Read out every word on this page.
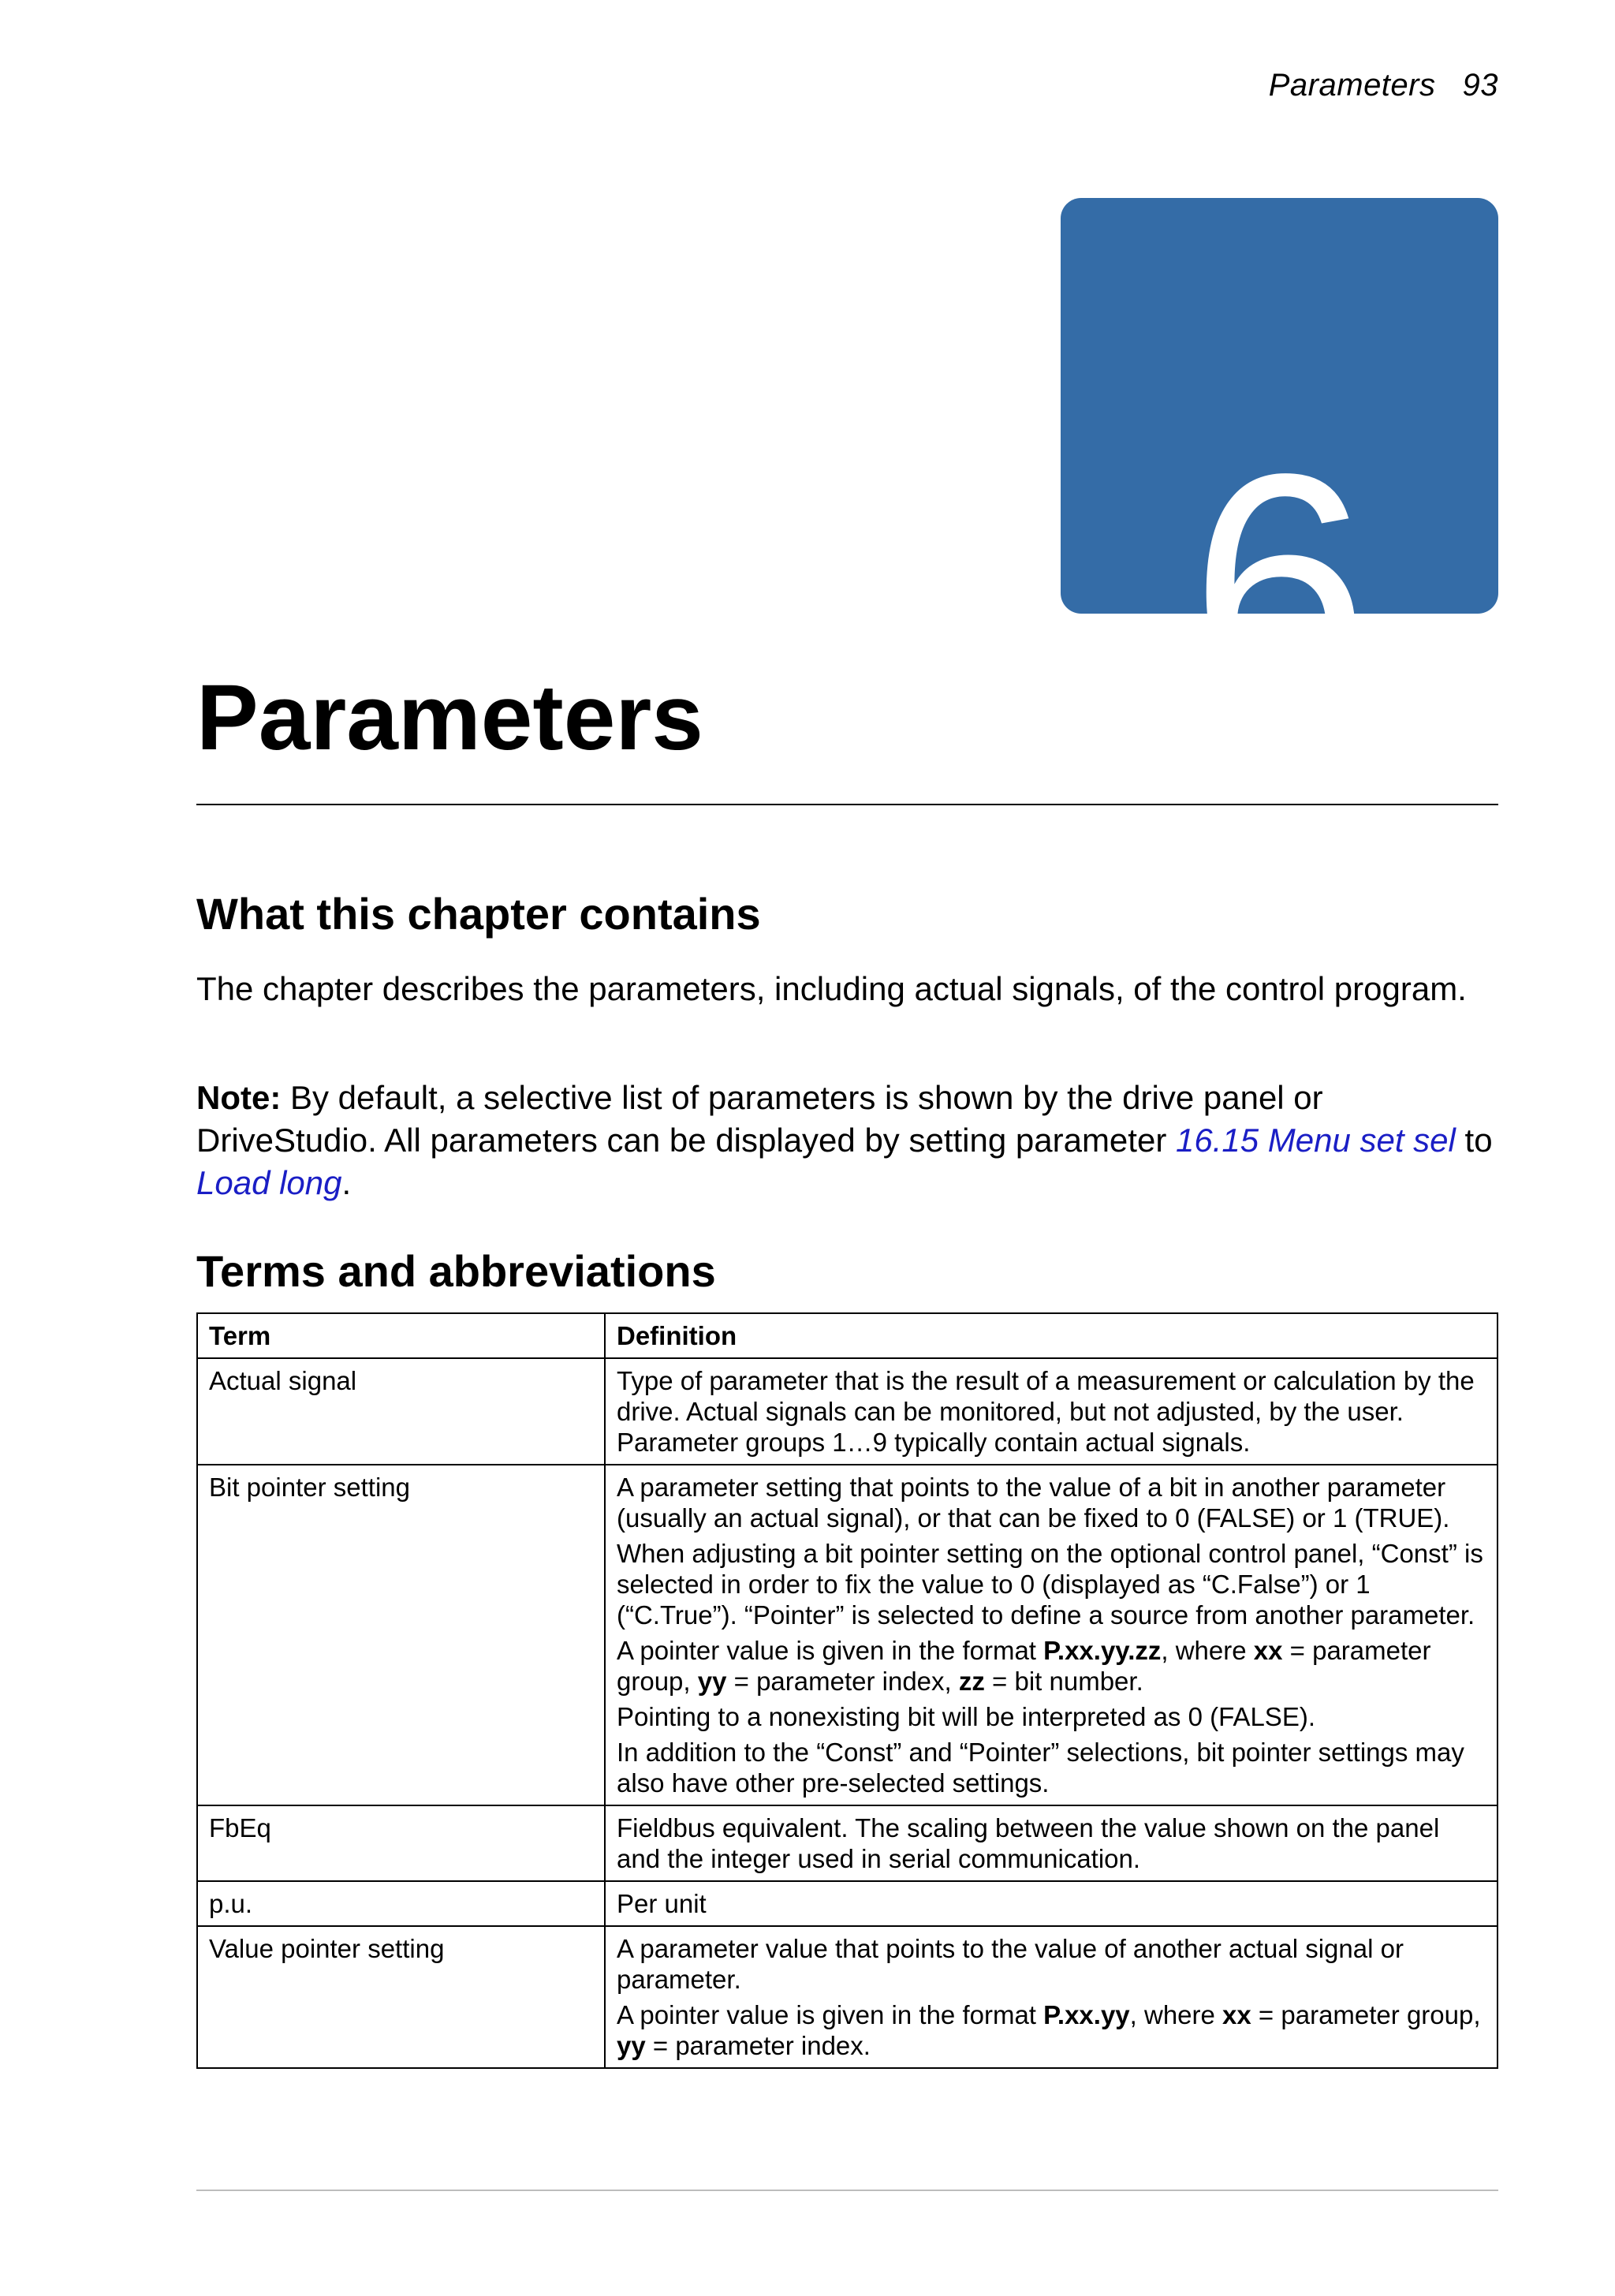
Parameters 93
6
Parameters
What this chapter contains

The chapter describes the parameters, including actual signals, of the control program.

Note: By default, a selective list of parameters is shown by the drive panel or DriveStudio. All parameters can be displayed by setting parameter 16.15 Menu set sel to Load long.

Terms and abbreviations
Term	Definition
Actual signal	Type of parameter that is the result of a measurement or calculation by the drive. Actual signals can be monitored, but not adjusted, by the user. Parameter groups 1…9 typically contain actual signals.

Bit pointer setting	A parameter setting that points to the value of a bit in another parameter (usually an actual signal), or that can be fixed to 0 (FALSE) or 1 (TRUE).

When adjusting a bit pointer setting on the optional control panel, “Const” is selected in order to fix the value to 0 (displayed as “C.False”) or 1 (“C.True”). “Pointer” is selected to define a source from another parameter.

A pointer value is given in the format P.xx.yy.zz, where xx = parameter group, yy = parameter index, zz = bit number.

Pointing to a nonexisting bit will be interpreted as 0 (FALSE).

In addition to the “Const” and “Pointer” selections, bit pointer settings may also have other pre-selected settings.

FbEq	Fieldbus equivalent. The scaling between the value shown on the panel and the integer used in serial communication.

p.u.	Per unit

Value pointer setting	A parameter value that points to the value of another actual signal or parameter.

A pointer value is given in the format P.xx.yy, where xx = parameter group, yy = parameter index.
